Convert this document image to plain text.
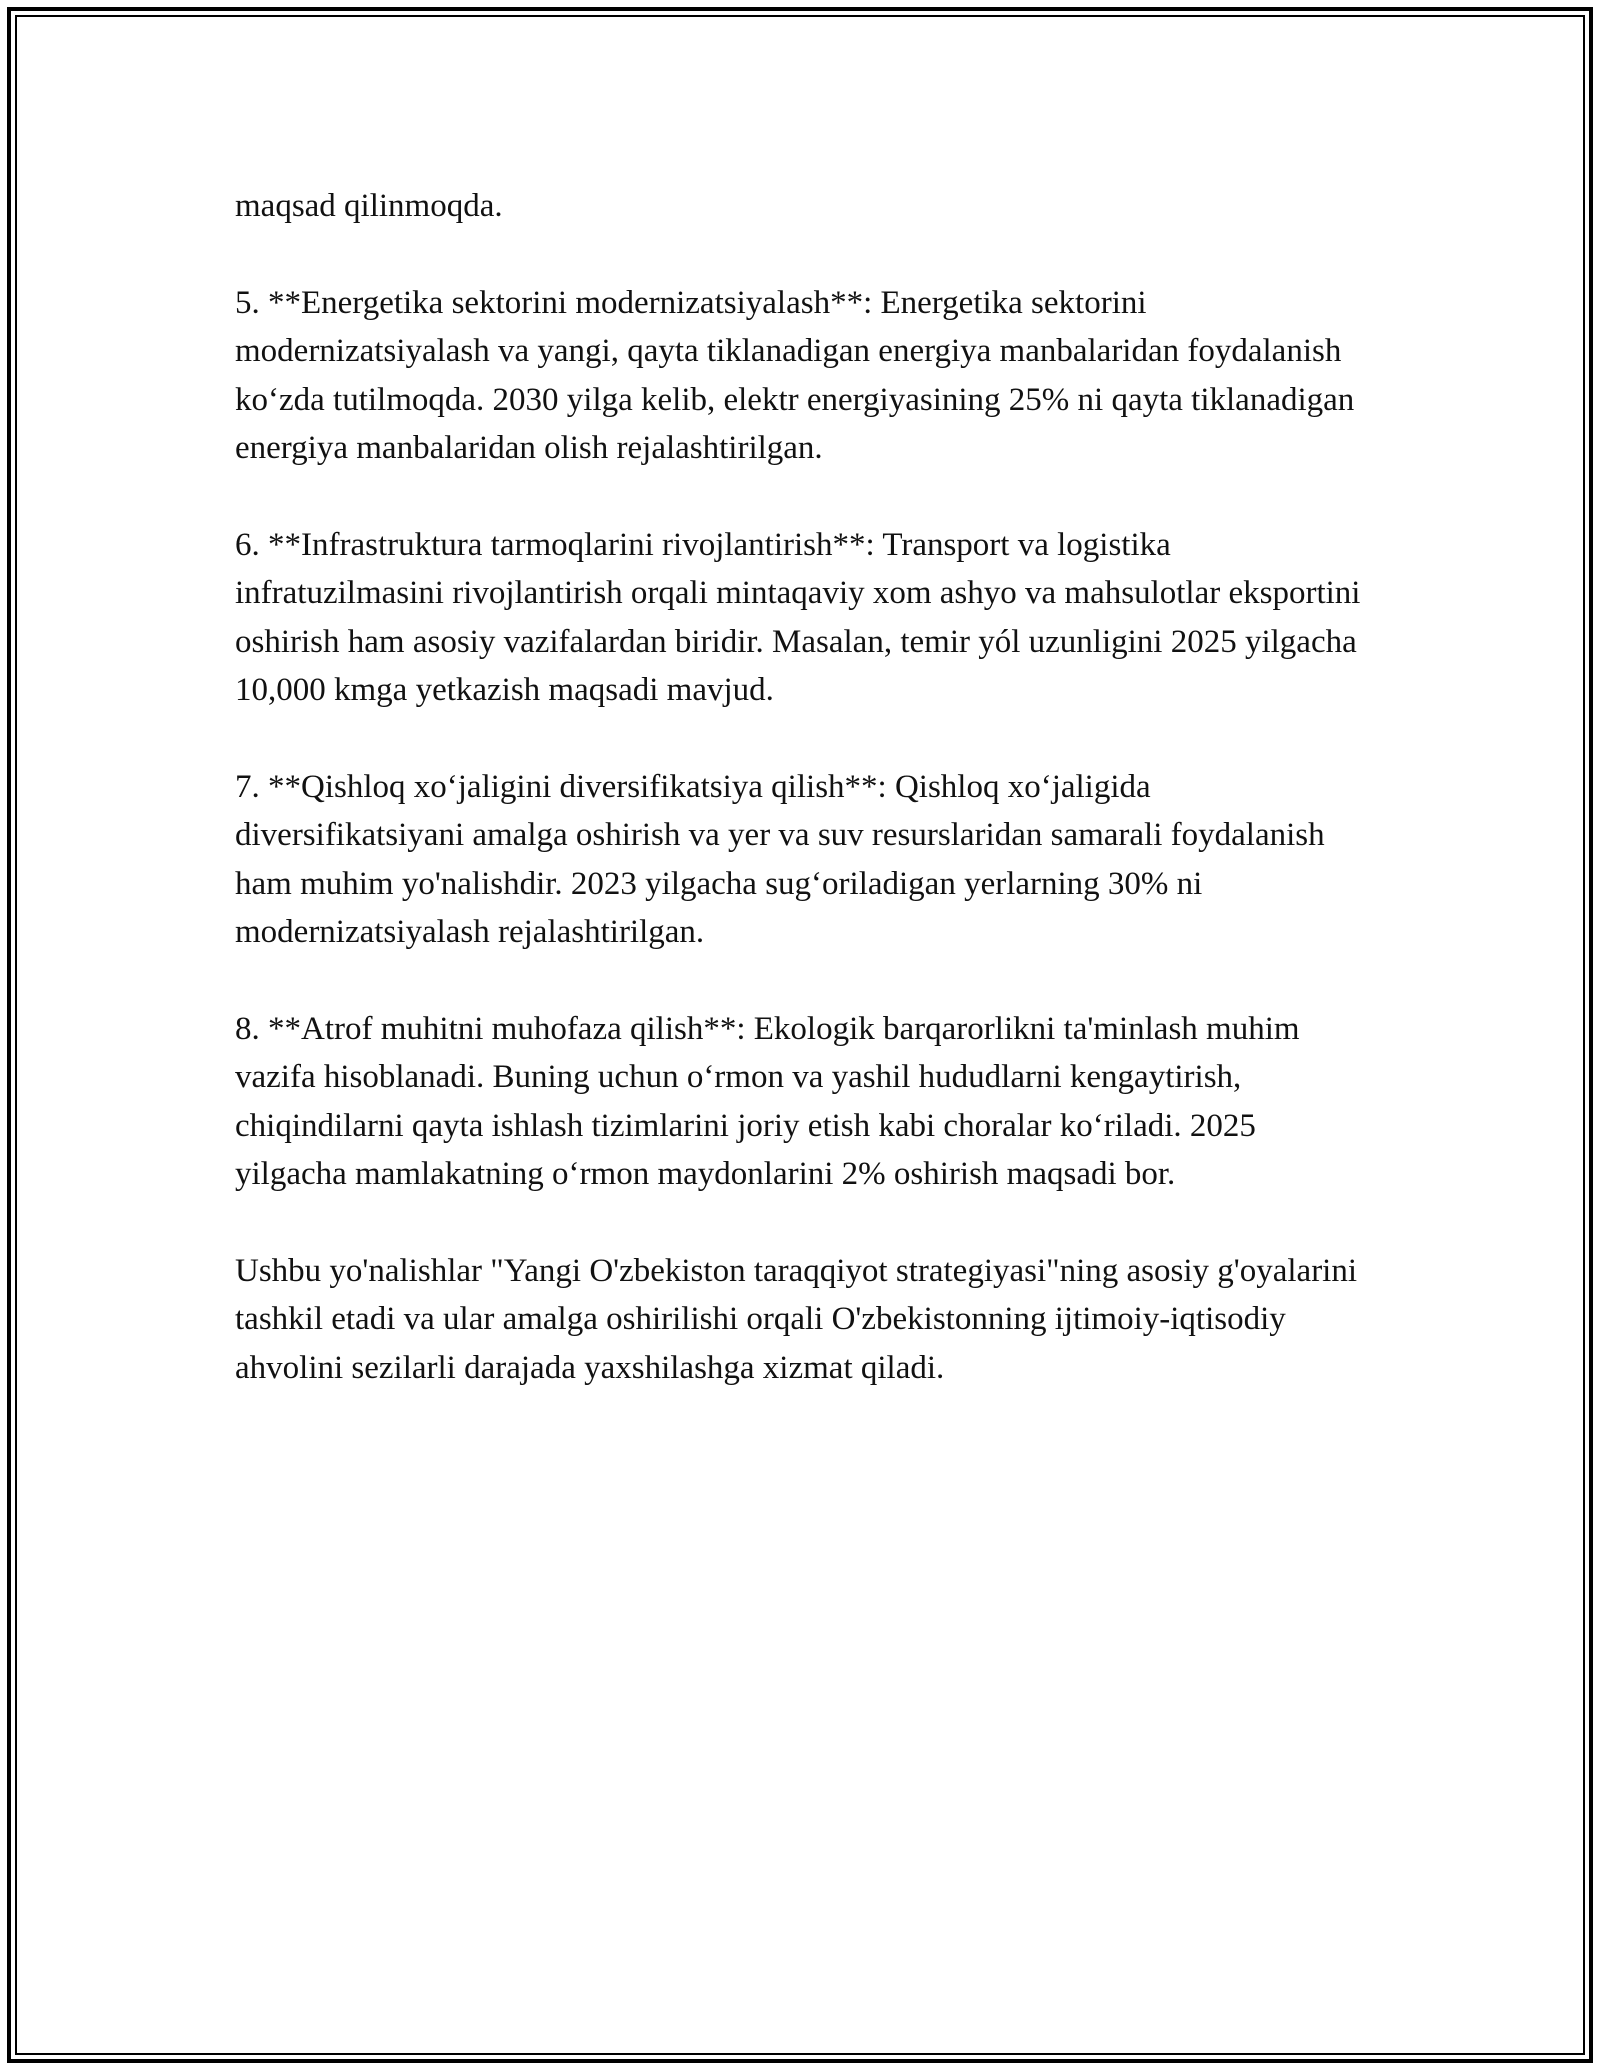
maqsad qilinmoqda.

5. **Energetika sektorini modernizatsiyalash**: Energetika sektorini modernizatsiyalash va yangi, qayta tiklanadigan energiya manbalaridan foydalanish ko‘zda tutilmoqda. 2030 yilga kelib, elektr energiyasining 25% ni qayta tiklanadigan energiya manbalaridan olish rejalashtirilgan.

6. **Infrastruktura tarmoqlarini rivojlantirish**: Transport va logistika infratuzilmasini rivojlantirish orqali mintaqaviy xom ashyo va mahsulotlar eksportini oshirish ham asosiy vazifalardan biridir. Masalan, temir yól uzunligini 2025 yilgacha 10,000 kmga yetkazish maqsadi mavjud.

7. **Qishloq xo‘jaligini diversifikatsiya qilish**: Qishloq xo‘jaligida diversifikatsiyani amalga oshirish va yer va suv resurslaridan samarali foydalanish ham muhim yo'nalishdir. 2023 yilgacha sug‘oriladigan yerlarning 30% ni modernizatsiyalash rejalashtirilgan.

8. **Atrof muhitni muhofaza qilish**: Ekologik barqarorlikni ta'minlash muhim vazifa hisoblanadi. Buning uchun o‘rmon va yashil hududlarni kengaytirish, chiqindilarni qayta ishlash tizimlarini joriy etish kabi choralar ko‘riladi. 2025 yilgacha mamlakatning o‘rmon maydonlarini 2% oshirish maqsadi bor.

Ushbu yo'nalishlar "Yangi O'zbekiston taraqqiyot strategiyasi"ning asosiy g'oyalarini tashkil etadi va ular amalga oshirilishi orqali O'zbekistonning ijtimoiy-iqtisodiy ahvolini sezilarli darajada yaxshilashga xizmat qiladi.
